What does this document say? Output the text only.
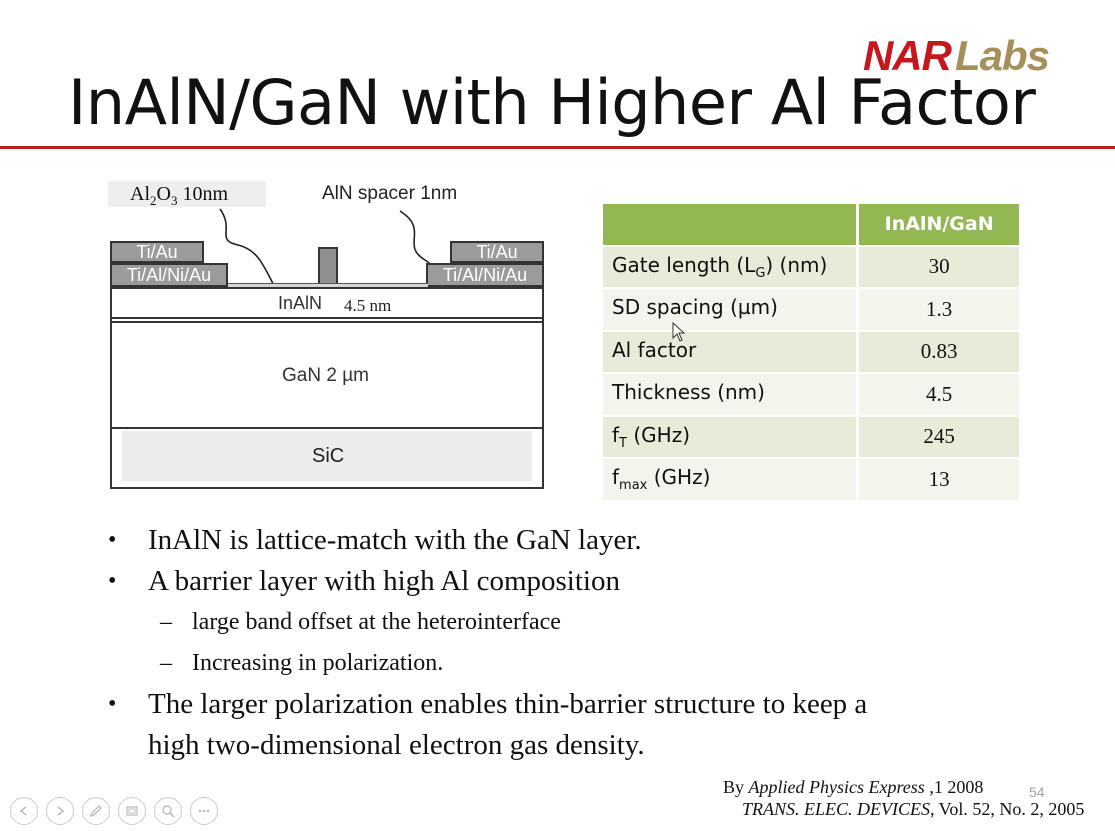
NAR Labs
InAlN/GaN with Higher Al Factor
$Al_2O_3$ 10nm	AlN spacer 1nm
Ti/Au
Ti/Al/Ni/Au
Ti/Au
Ti/Al/Ni/Au
InAlN 4.5 nm
GaN 2 µm
SiC
	InAlN/GaN
Gate length $(L_G)$ (nm)	30
SD spacing (µm)	1.3
Al factor	0.83
Thickness (nm)	4.5
$f_T$ (GHz)	245
$f_{max}$ (GHz)	13
• InAlN is lattice-match with the GaN layer.
• A barrier layer with high Al composition
– large band offset at the heterointerface
– Increasing in polarization.
• The larger polarization enables thin-barrier structure to keep a
high two-dimensional electron gas density.
By Applied Physics Express ,1 2008
TRANS. ELEC. DEVICES, Vol. 52, No. 2, 2005
54
